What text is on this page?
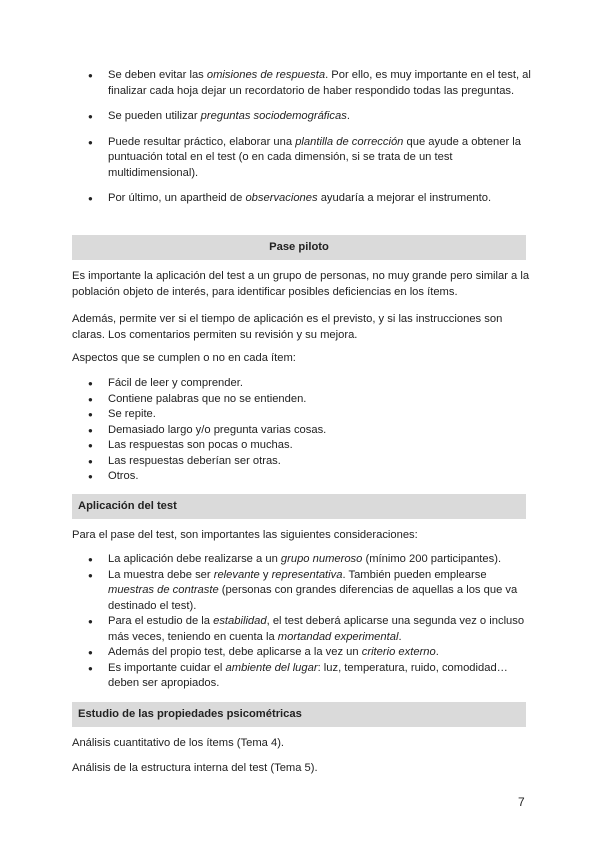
● Se deben evitar las omisiones de respuesta. Por ello, es muy importante en el test, al finalizar cada hoja dejar un recordatorio de haber respondido todas las preguntas.
● Se pueden utilizar preguntas sociodemográficas.
● Puede resultar práctico, elaborar una plantilla de corrección que ayude a obtener la puntuación total en el test (o en cada dimensión, si se trata de un test multidimensional).
● Por último, un apartheid de observaciones ayudaría a mejorar el instrumento.
Pase piloto

Es importante la aplicación del test a un grupo de personas, no muy grande pero similar a la población objeto de interés, para identificar posibles deficiencias en los ítems.

Además, permite ver si el tiempo de aplicación es el previsto, y si las instrucciones son claras. Los comentarios permiten su revisión y su mejora.

Aspectos que se cumplen o no en cada ítem:

● Fácil de leer y comprender.
● Contiene palabras que no se entienden.
● Se repite.
● Demasiado largo y/o pregunta varias cosas.
● Las respuestas son pocas o muchas.
● Las respuestas deberían ser otras.
● Otros.
Aplicación del test

Para el pase del test, son importantes las siguientes consideraciones:

● La aplicación debe realizarse a un grupo numeroso (mínimo 200 participantes).
● La muestra debe ser relevante y representativa. También pueden emplearse muestras de contraste (personas con grandes diferencias de aquellas a los que va destinado el test).
● Para el estudio de la estabilidad, el test deberá aplicarse una segunda vez o incluso más veces, teniendo en cuenta la mortandad experimental.
● Además del propio test, debe aplicarse a la vez un criterio externo.
● Es importante cuidar el ambiente del lugar: luz, temperatura, ruido, comodidad… deben ser apropiados.
Estudio de las propiedades psicométricas

Análisis cuantitativo de los ítems (Tema 4).

Análisis de la estructura interna del test (Tema 5).

7
